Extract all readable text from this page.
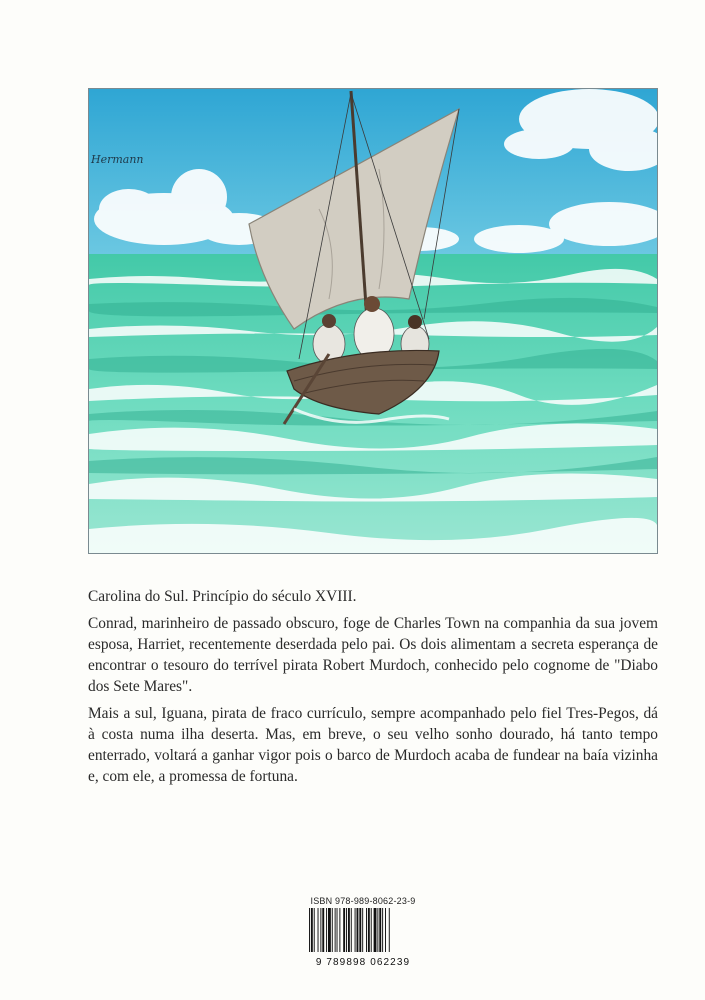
Hermann

Carolina do Sul. Princípio do século XVIII.

Conrad, marinheiro de passado obscuro, foge de Charles Town na companhia da sua jovem esposa, Harriet, recentemente deserdada pelo pai. Os dois alimentam a secreta esperança de encontrar o tesouro do terrível pirata Robert Murdoch, conhecido pelo cognome de "Diabo dos Sete Mares".

Mais a sul, Iguana, pirata de fraco currículo, sempre acompanhado pelo fiel Tres-Pegos, dá à costa numa ilha deserta. Mas, em breve, o seu velho sonho dourado, há tanto tempo enterrado, voltará a ganhar vigor pois o barco de Murdoch acaba de fundear na baía vizinha e, com ele, a promessa de fortuna.

ISBN 978-989-8062-23-9
9 789898 062239
